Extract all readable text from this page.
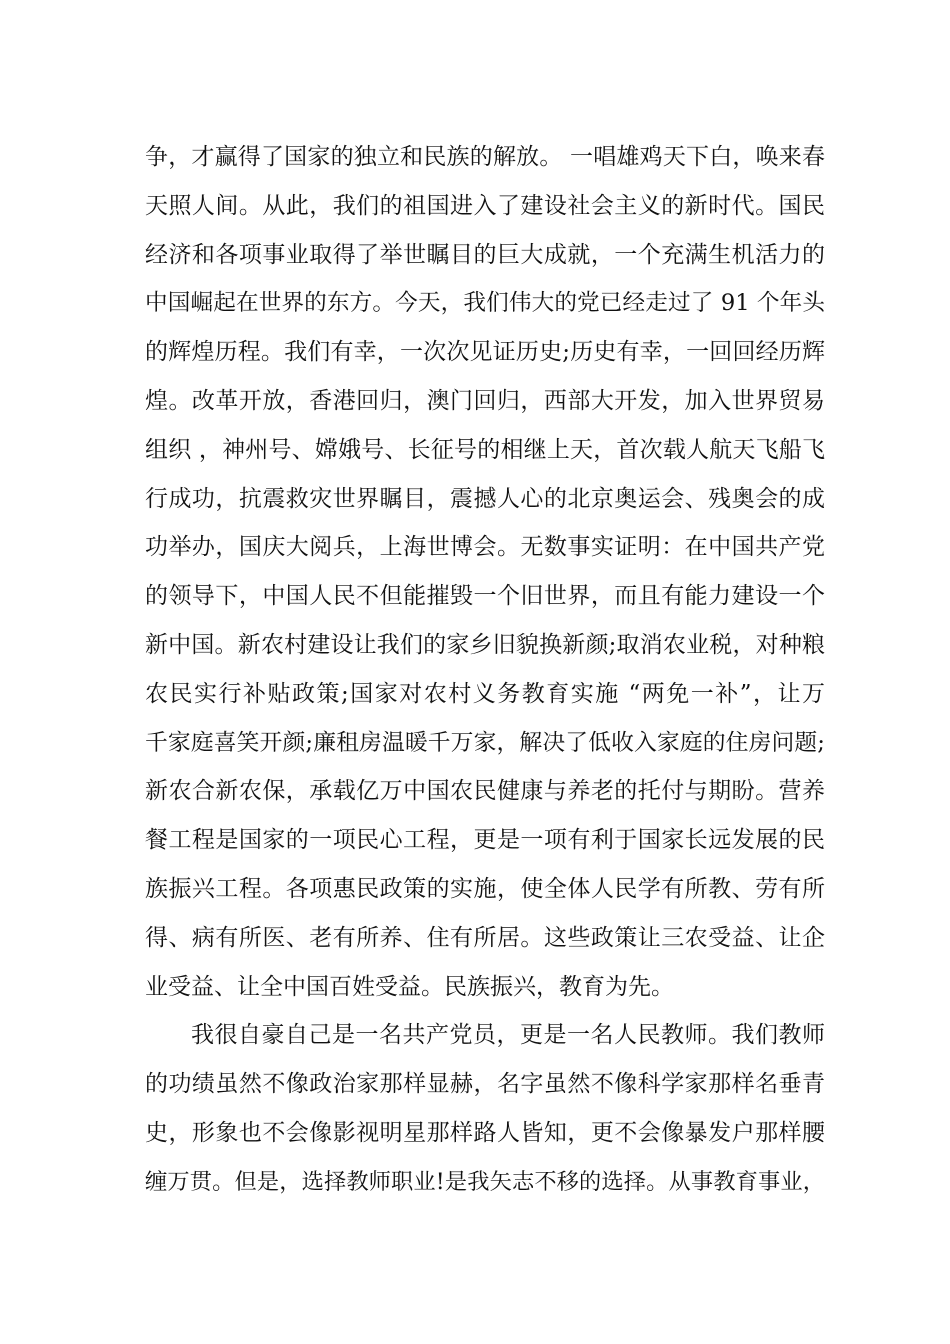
争，才赢得了国家的独立和民族的解放。 一唱雄鸡天下白，唤来春
天照人间。从此，我们的祖国进入了建设社会主义的新时代。国民
经济和各项事业取得了举世瞩目的巨大成就，一个充满生机活力的
中国崛起在世界的东方。今天，我们伟大的党已经走过了 91 个年头
的辉煌历程。我们有幸，一次次见证历史;历史有幸，一回回经历辉
煌。改革开放，香港回归，澳门回归，西部大开发，加入世界贸易
组织 ，神州号、嫦娥号、长征号的相继上天，首次载人航天飞船飞
行成功，抗震救灾世界瞩目，震撼人心的北京奥运会、残奥会的成
功举办，国庆大阅兵，上海世博会。无数事实证明：在中国共产党
的领导下，中国人民不但能摧毁一个旧世界，而且有能力建设一个
新中国。新农村建设让我们的家乡旧貌换新颜;取消农业税，对种粮
农民实行补贴政策;国家对农村义务教育实施 “两免一补”，让万
千家庭喜笑开颜;廉租房温暖千万家，解决了低收入家庭的住房问题;
新农合新农保，承载亿万中国农民健康与养老的托付与期盼。营养
餐工程是国家的一项民心工程，更是一项有利于国家长远发展的民
族振兴工程。各项惠民政策的实施，使全体人民学有所教、劳有所
得、病有所医、老有所养、住有所居。这些政策让三农受益、让企
业受益、让全中国百姓受益。民族振兴，教育为先。
我很自豪自己是一名共产党员，更是一名人民教师。我们教师
的功绩虽然不像政治家那样显赫，名字虽然不像科学家那样名垂青
史，形象也不会像影视明星那样路人皆知，更不会像暴发户那样腰
缠万贯。但是，选择教师职业!是我矢志不移的选择。从事教育事业，
